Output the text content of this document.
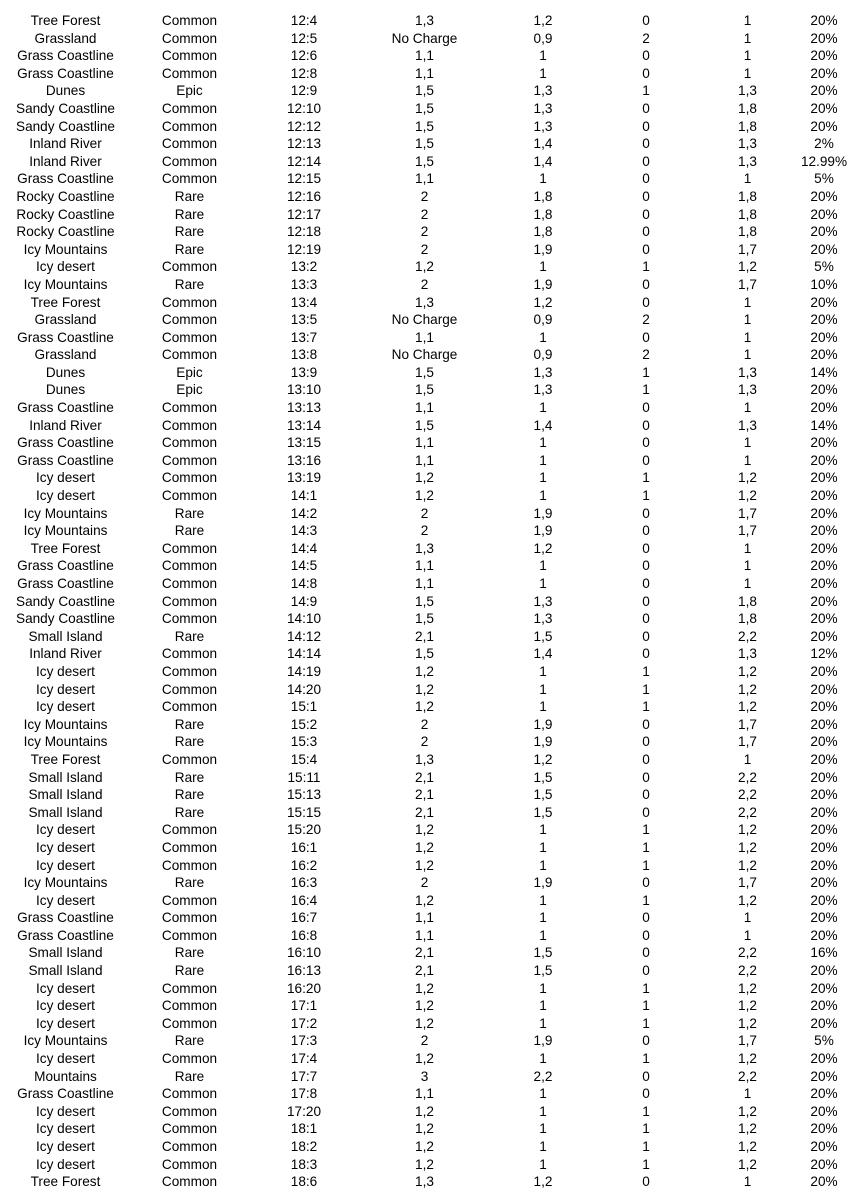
Tree Forest	Common	12:4	1,3	1,2	0	1	20%
Grassland	Common	12:5	No Charge	0,9	2	1	20%
Grass Coastline	Common	12:6	1,1	1	0	1	20%
Grass Coastline	Common	12:8	1,1	1	0	1	20%
Dunes	Epic	12:9	1,5	1,3	1	1,3	20%
Sandy Coastline	Common	12:10	1,5	1,3	0	1,8	20%
Sandy Coastline	Common	12:12	1,5	1,3	0	1,8	20%
Inland River	Common	12:13	1,5	1,4	0	1,3	2%
Inland River	Common	12:14	1,5	1,4	0	1,3	12.99%
Grass Coastline	Common	12:15	1,1	1	0	1	5%
Rocky Coastline	Rare	12:16	2	1,8	0	1,8	20%
Rocky Coastline	Rare	12:17	2	1,8	0	1,8	20%
Rocky Coastline	Rare	12:18	2	1,8	0	1,8	20%
Icy Mountains	Rare	12:19	2	1,9	0	1,7	20%
Icy desert	Common	13:2	1,2	1	1	1,2	5%
Icy Mountains	Rare	13:3	2	1,9	0	1,7	10%
Tree Forest	Common	13:4	1,3	1,2	0	1	20%
Grassland	Common	13:5	No Charge	0,9	2	1	20%
Grass Coastline	Common	13:7	1,1	1	0	1	20%
Grassland	Common	13:8	No Charge	0,9	2	1	20%
Dunes	Epic	13:9	1,5	1,3	1	1,3	14%
Dunes	Epic	13:10	1,5	1,3	1	1,3	20%
Grass Coastline	Common	13:13	1,1	1	0	1	20%
Inland River	Common	13:14	1,5	1,4	0	1,3	14%
Grass Coastline	Common	13:15	1,1	1	0	1	20%
Grass Coastline	Common	13:16	1,1	1	0	1	20%
Icy desert	Common	13:19	1,2	1	1	1,2	20%
Icy desert	Common	14:1	1,2	1	1	1,2	20%
Icy Mountains	Rare	14:2	2	1,9	0	1,7	20%
Icy Mountains	Rare	14:3	2	1,9	0	1,7	20%
Tree Forest	Common	14:4	1,3	1,2	0	1	20%
Grass Coastline	Common	14:5	1,1	1	0	1	20%
Grass Coastline	Common	14:8	1,1	1	0	1	20%
Sandy Coastline	Common	14:9	1,5	1,3	0	1,8	20%
Sandy Coastline	Common	14:10	1,5	1,3	0	1,8	20%
Small Island	Rare	14:12	2,1	1,5	0	2,2	20%
Inland River	Common	14:14	1,5	1,4	0	1,3	12%
Icy desert	Common	14:19	1,2	1	1	1,2	20%
Icy desert	Common	14:20	1,2	1	1	1,2	20%
Icy desert	Common	15:1	1,2	1	1	1,2	20%
Icy Mountains	Rare	15:2	2	1,9	0	1,7	20%
Icy Mountains	Rare	15:3	2	1,9	0	1,7	20%
Tree Forest	Common	15:4	1,3	1,2	0	1	20%
Small Island	Rare	15:11	2,1	1,5	0	2,2	20%
Small Island	Rare	15:13	2,1	1,5	0	2,2	20%
Small Island	Rare	15:15	2,1	1,5	0	2,2	20%
Icy desert	Common	15:20	1,2	1	1	1,2	20%
Icy desert	Common	16:1	1,2	1	1	1,2	20%
Icy desert	Common	16:2	1,2	1	1	1,2	20%
Icy Mountains	Rare	16:3	2	1,9	0	1,7	20%
Icy desert	Common	16:4	1,2	1	1	1,2	20%
Grass Coastline	Common	16:7	1,1	1	0	1	20%
Grass Coastline	Common	16:8	1,1	1	0	1	20%
Small Island	Rare	16:10	2,1	1,5	0	2,2	16%
Small Island	Rare	16:13	2,1	1,5	0	2,2	20%
Icy desert	Common	16:20	1,2	1	1	1,2	20%
Icy desert	Common	17:1	1,2	1	1	1,2	20%
Icy desert	Common	17:2	1,2	1	1	1,2	20%
Icy Mountains	Rare	17:3	2	1,9	0	1,7	5%
Icy desert	Common	17:4	1,2	1	1	1,2	20%
Mountains	Rare	17:7	3	2,2	0	2,2	20%
Grass Coastline	Common	17:8	1,1	1	0	1	20%
Icy desert	Common	17:20	1,2	1	1	1,2	20%
Icy desert	Common	18:1	1,2	1	1	1,2	20%
Icy desert	Common	18:2	1,2	1	1	1,2	20%
Icy desert	Common	18:3	1,2	1	1	1,2	20%
Tree Forest	Common	18:6	1,3	1,2	0	1	20%
